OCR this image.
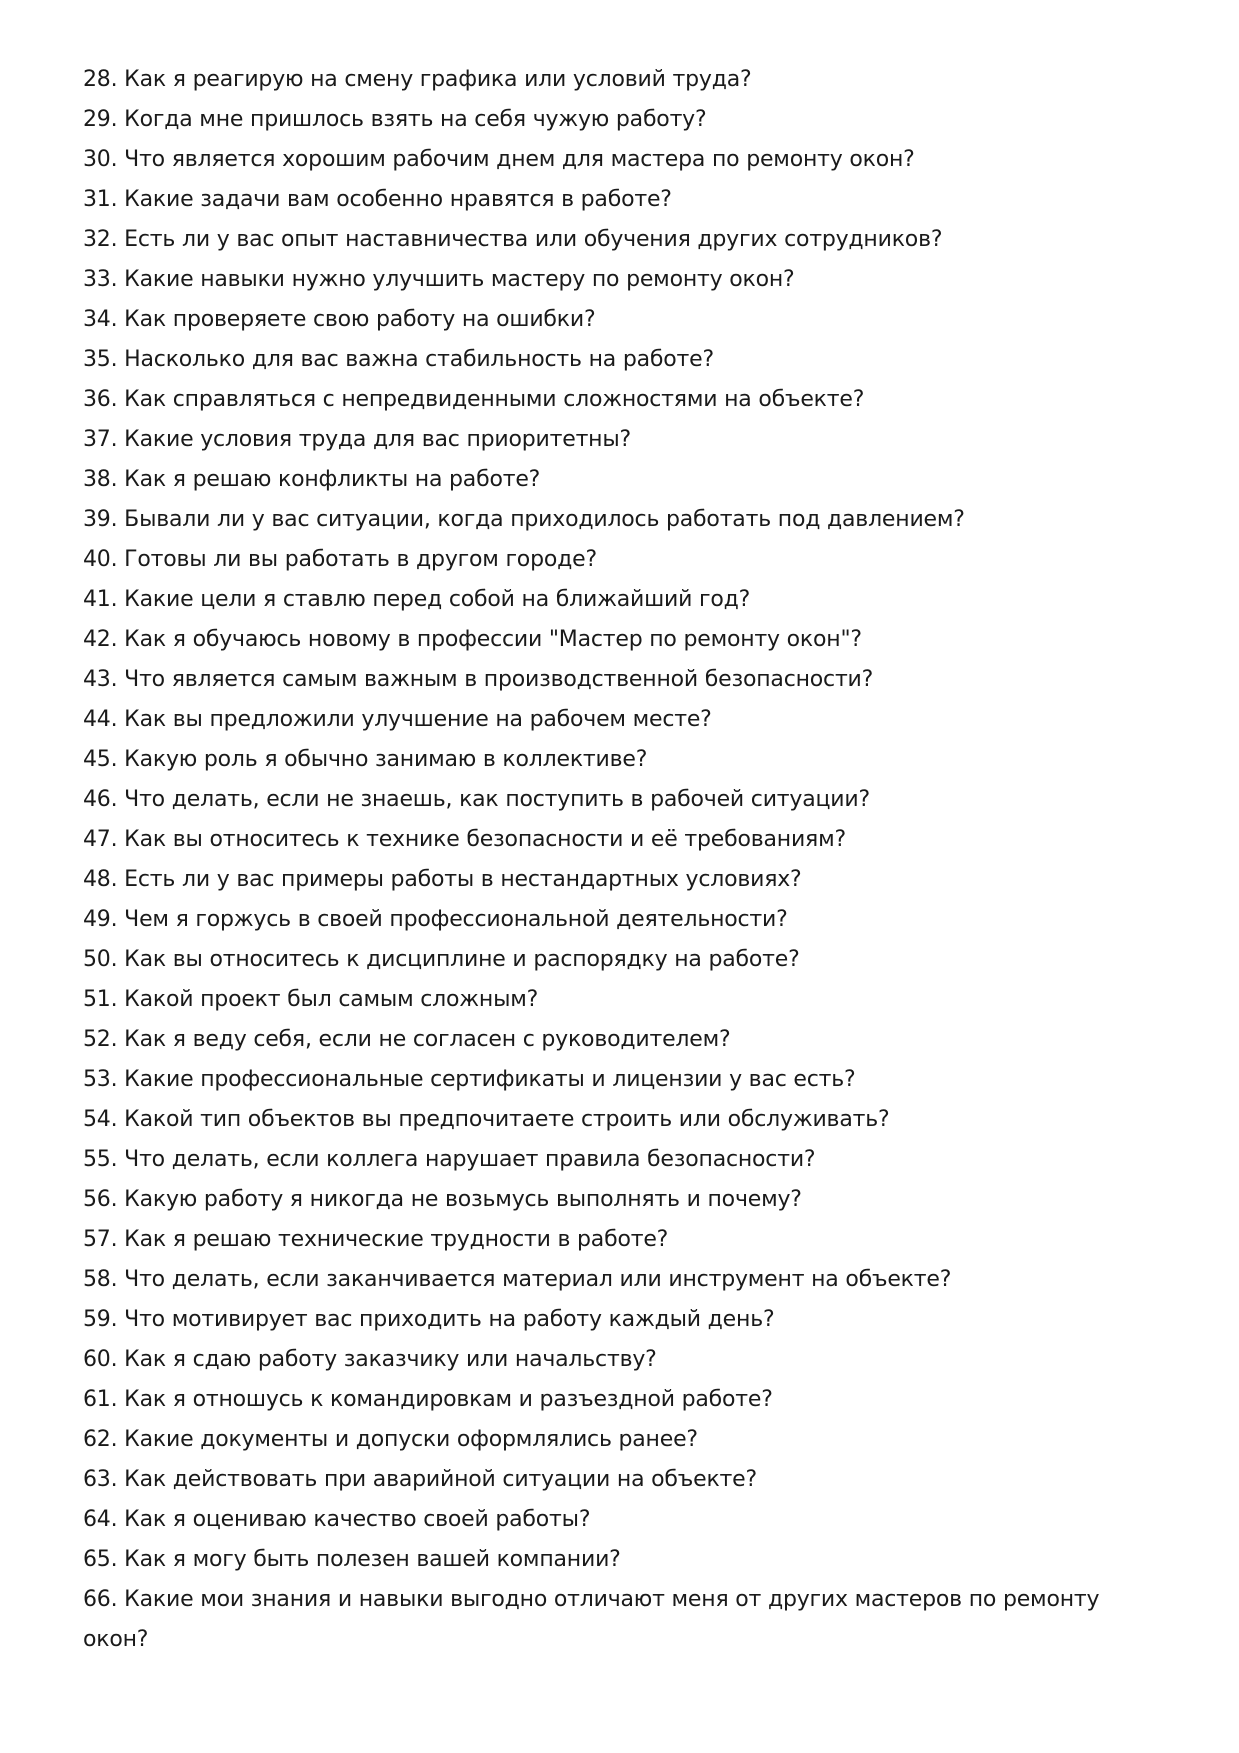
28. Как я реагирую на смену графика или условий труда?
29. Когда мне пришлось взять на себя чужую работу?
30. Что является хорошим рабочим днем для мастера по ремонту окон?
31. Какие задачи вам особенно нравятся в работе?
32. Есть ли у вас опыт наставничества или обучения других сотрудников?
33. Какие навыки нужно улучшить мастеру по ремонту окон?
34. Как проверяете свою работу на ошибки?
35. Насколько для вас важна стабильность на работе?
36. Как справляться с непредвиденными сложностями на объекте?
37. Какие условия труда для вас приоритетны?
38. Как я решаю конфликты на работе?
39. Бывали ли у вас ситуации, когда приходилось работать под давлением?
40. Готовы ли вы работать в другом городе?
41. Какие цели я ставлю перед собой на ближайший год?
42. Как я обучаюсь новому в профессии "Мастер по ремонту окон"?
43. Что является самым важным в производственной безопасности?
44. Как вы предложили улучшение на рабочем месте?
45. Какую роль я обычно занимаю в коллективе?
46. Что делать, если не знаешь, как поступить в рабочей ситуации?
47. Как вы относитесь к технике безопасности и её требованиям?
48. Есть ли у вас примеры работы в нестандартных условиях?
49. Чем я горжусь в своей профессиональной деятельности?
50. Как вы относитесь к дисциплине и распорядку на работе?
51. Какой проект был самым сложным?
52. Как я веду себя, если не согласен с руководителем?
53. Какие профессиональные сертификаты и лицензии у вас есть?
54. Какой тип объектов вы предпочитаете строить или обслуживать?
55. Что делать, если коллега нарушает правила безопасности?
56. Какую работу я никогда не возьмусь выполнять и почему?
57. Как я решаю технические трудности в работе?
58. Что делать, если заканчивается материал или инструмент на объекте?
59. Что мотивирует вас приходить на работу каждый день?
60. Как я сдаю работу заказчику или начальству?
61. Как я отношусь к командировкам и разъездной работе?
62. Какие документы и допуски оформлялись ранее?
63. Как действовать при аварийной ситуации на объекте?
64. Как я оцениваю качество своей работы?
65. Как я могу быть полезен вашей компании?
66. Какие мои знания и навыки выгодно отличают меня от других мастеров по ремонту окон?
